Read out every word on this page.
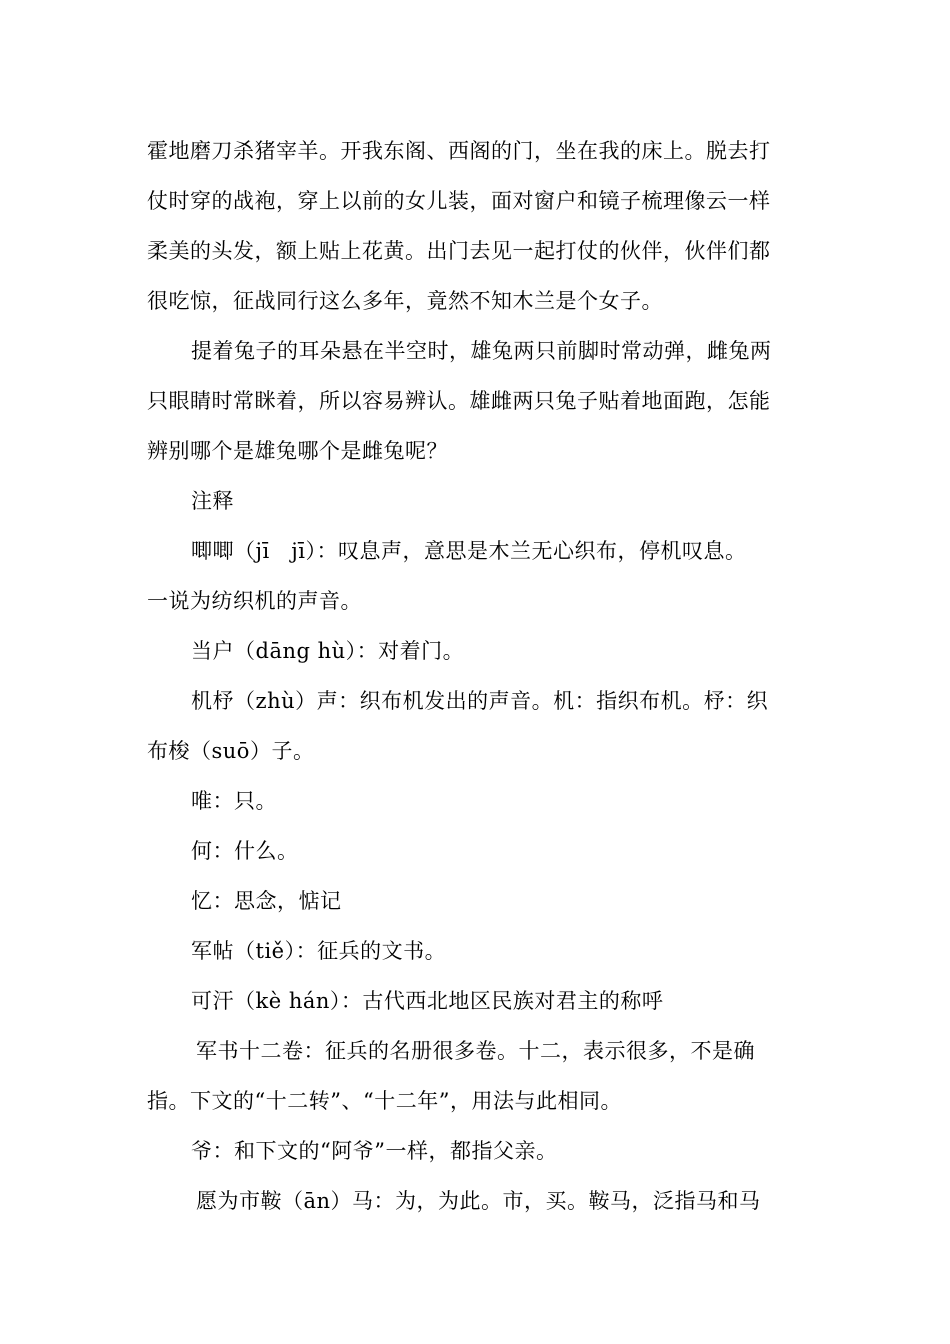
霍地磨刀杀猪宰羊。开我东阁、西阁的门，坐在我的床上。脱去打
仗时穿的战袍，穿上以前的女儿装，面对窗户和镜子梳理像云一样
柔美的头发，额上贴上花黄。出门去见一起打仗的伙伴，伙伴们都
很吃惊，征战同行这么多年，竟然不知木兰是个女子。
提着兔子的耳朵悬在半空时，雄兔两只前脚时常动弹，雌兔两
只眼睛时常眯着，所以容易辨认。雄雌两只兔子贴着地面跑，怎能
辨别哪个是雄兔哪个是雌兔呢？
注释
唧唧（jī　jī）：叹息声，意思是木兰无心织布，停机叹息。
一说为纺织机的声音。
当户（dāng hù）：对着门。
机杼（zhù）声：织布机发出的声音。机：指织布机。杼：织
布梭（suō）子。
唯：只。
何：什么。
忆：思念，惦记
军帖（tiě）：征兵的文书。
可汗（kè hán）：古代西北地区民族对君主的称呼
军书十二卷：征兵的名册很多卷。十二，表示很多，不是确
指。下文的“十二转”、“十二年”，用法与此相同。
爷：和下文的“阿爷”一样，都指父亲。
愿为市鞍（ān）马：为，为此。市，买。鞍马，泛指马和马
